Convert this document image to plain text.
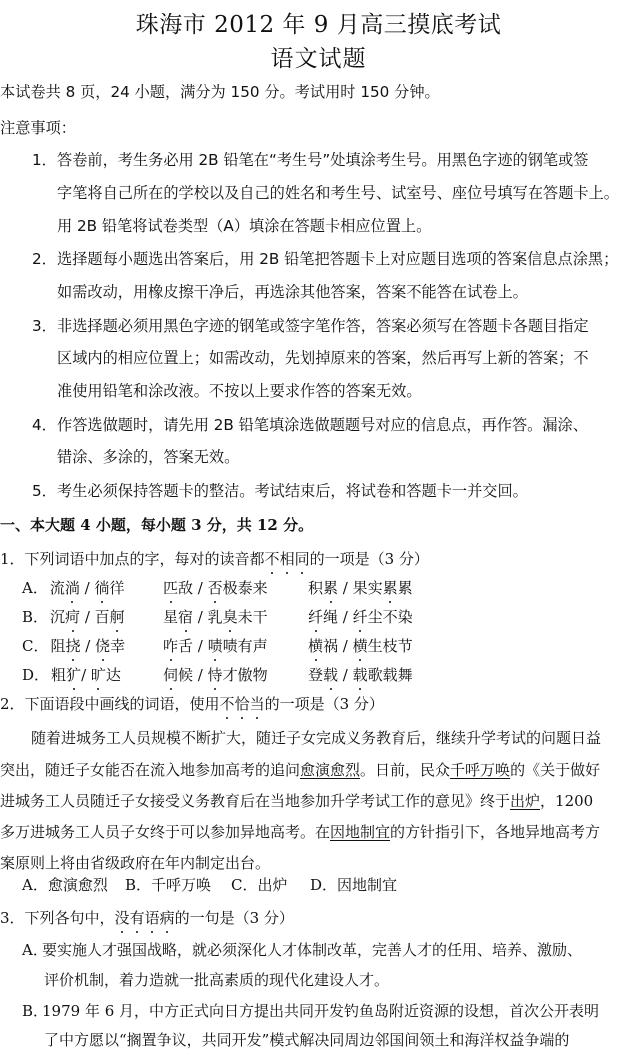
珠海市 2012 年 9 月高三摸底考试
语文试题
本试卷共 8 页，24 小题，满分为 150 分。考试用时 150 分钟。
注意事项：
1． 答卷前，考生务必用 2B 铅笔在“考生号”处填涂考生号。用黑色字迹的钢笔或签
字笔将自己所在的学校以及自己的姓名和考生号、试室号、座位号填写在答题卡上。
用 2B 铅笔将试卷类型（A）填涂在答题卡相应位置上。
2． 选择题每小题选出答案后，用 2B 铅笔把答题卡上对应题目选项的答案信息点涂黑；
如需改动，用橡皮擦干净后，再选涂其他答案，答案不能答在试卷上。
3． 非选择题必须用黑色字迹的钢笔或签字笔作答，答案必须写在答题卡各题目指定
区域内的相应位置上；如需改动，先划掉原来的答案，然后再写上新的答案；不
准使用铅笔和涂改液。不按以上要求作答的答案无效。
4． 作答选做题时，请先用 2B 铅笔填涂选做题题号对应的信息点，再作答。漏涂、
错涂、多涂的，答案无效。
5． 考生必须保持答题卡的整洁。考试结束后，将试卷和答题卡一并交回。
一、本大题 4 小题，每小题 3 分，共 12 分。
1．下列词语中加点的字，每对的读音都不相同的一项是（3 分）
A． 流淌 / 徜徉	匹敌 / 否极泰来	积累 / 果实累累
B． 沉疴 / 百舸	星宿 / 乳臭未干	纤绳 / 纤尘不染
C． 阻挠 / 侥幸	咋舌 / 啧啧有声	横祸 / 横生枝节
D． 粗犷/ 旷达	伺候 / 恃才傲物	登载 / 载歌载舞
2．下面语段中画线的词语，使用不恰当的一项是（3 分）
随着进城务工人员规模不断扩大，随迁子女完成义务教育后，继续升学考试的问题日益
突出，随迁子女能否在流入地参加高考的追问愈演愈烈。日前，民众千呼万唤的《关于做好
进城务工人员随迁子女接受义务教育后在当地参加升学考试工作的意见》终于出炉，1200
多万进城务工人员子女终于可以参加异地高考。在因地制宜的方针指引下，各地异地高考方
案原则上将由省级政府在年内制定出台。
A．愈演愈烈 B．千呼万唤 C．出炉 D．因地制宜
3．下列各句中，没有语病的一句是（3 分）
A．
要实施人才强国战略，就必须深化人才体制改革，完善人才的任用、培养、激励、
评价机制，着力造就一批高素质的现代化建设人才。
B．
1979 年 6 月，中方正式向日方提出共同开发钓鱼岛附近资源的设想，首次公开表明
了中方愿以“搁置争议，共同开发”模式解决同周边邻国间领土和海洋权益争端的
